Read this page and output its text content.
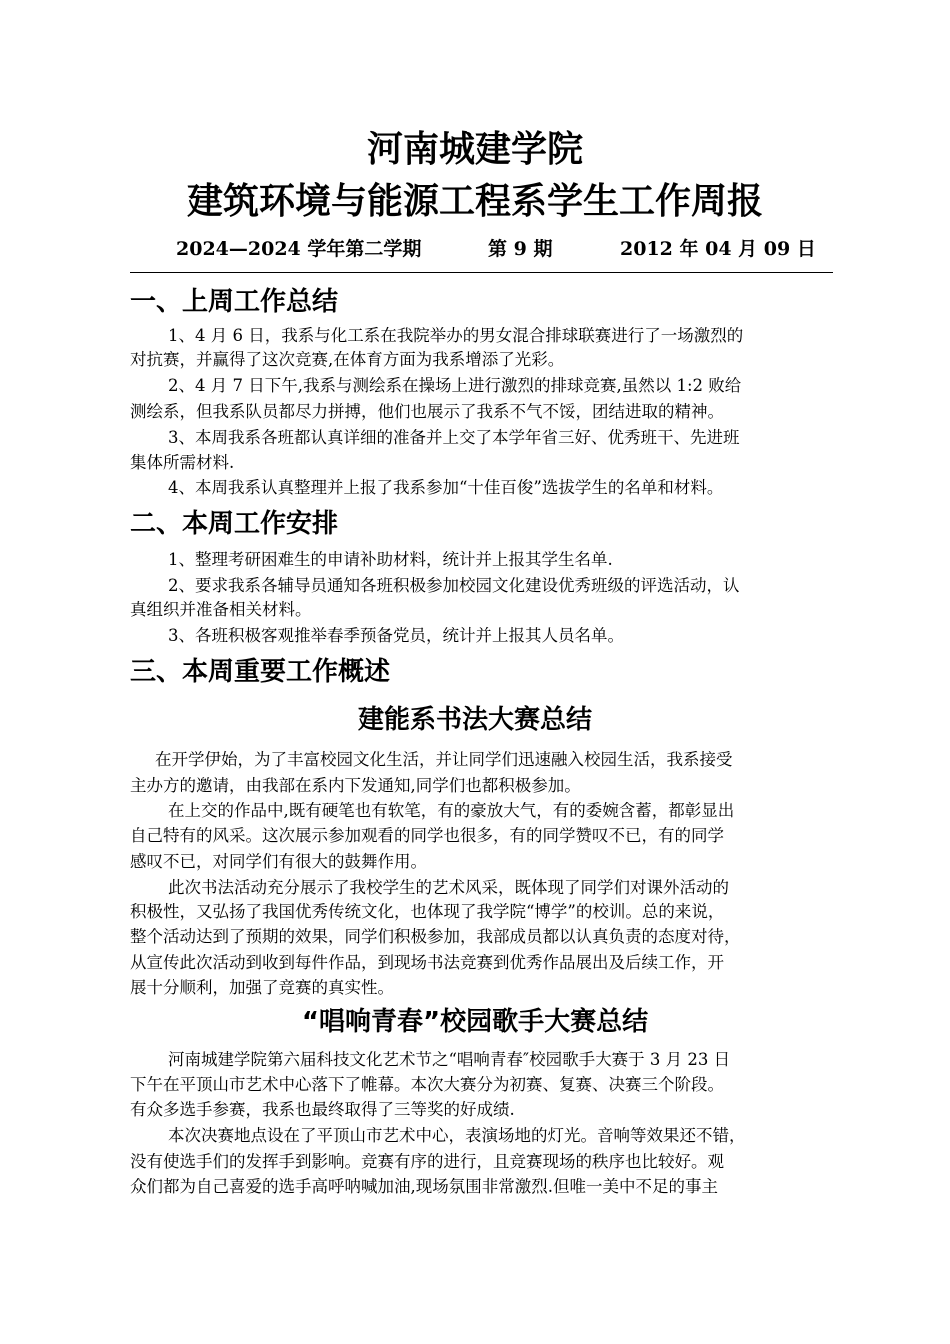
河南城建学院
建筑环境与能源工程系学生工作周报
2024—2024 学年第二学期	第 9 期	2012 年 04 月 09 日
一、上周工作总结
1、4 月 6 日，我系与化工系在我院举办的男女混合排球联赛进行了一场激烈的
对抗赛，并赢得了这次竞赛,在体育方面为我系增添了光彩。
2、4 月 7 日下午,我系与测绘系在操场上进行激烈的排球竞赛,虽然以 1:2 败给
测绘系，但我系队员都尽力拼搏，他们也展示了我系不气不馁，团结进取的精神。
3、本周我系各班都认真详细的准备并上交了本学年省三好、优秀班干、先进班
集体所需材料.
4、本周我系认真整理并上报了我系参加“十佳百俊”选拔学生的名单和材料。
二、本周工作安排
1、整理考研困难生的申请补助材料，统计并上报其学生名单.
2、要求我系各辅导员通知各班积极参加校园文化建设优秀班级的评选活动，认
真组织并准备相关材料。
3、各班积极客观推举春季预备党员，统计并上报其人员名单。
三、本周重要工作概述
建能系书法大赛总结
在开学伊始，为了丰富校园文化生活，并让同学们迅速融入校园生活，我系接受
主办方的邀请，由我部在系内下发通知,同学们也都积极参加。
在上交的作品中,既有硬笔也有软笔，有的豪放大气，有的委婉含蓄，都彰显出
自己特有的风采。这次展示参加观看的同学也很多，有的同学赞叹不已，有的同学
感叹不已，对同学们有很大的鼓舞作用。
此次书法活动充分展示了我校学生的艺术风采，既体现了同学们对课外活动的
积极性，又弘扬了我国优秀传统文化，也体现了我学院“博学”的校训。总的来说，
整个活动达到了预期的效果，同学们积极参加，我部成员都以认真负责的态度对待，
从宣传此次活动到收到每件作品，到现场书法竞赛到优秀作品展出及后续工作，开
展十分顺利，加强了竞赛的真实性。
“唱响青春”校园歌手大赛总结
河南城建学院第六届科技文化艺术节之“唱响青春″校园歌手大赛于 3 月 23 日
下午在平顶山市艺术中心落下了帷幕。本次大赛分为初赛、复赛、决赛三个阶段。
有众多选手参赛，我系也最终取得了三等奖的好成绩.
本次决赛地点设在了平顶山市艺术中心，表演场地的灯光。音响等效果还不错，
没有使选手们的发挥手到影响。竞赛有序的进行，且竞赛现场的秩序也比较好。观
众们都为自己喜爱的选手高呼呐喊加油,现场氛围非常激烈.但唯一美中不足的事主
